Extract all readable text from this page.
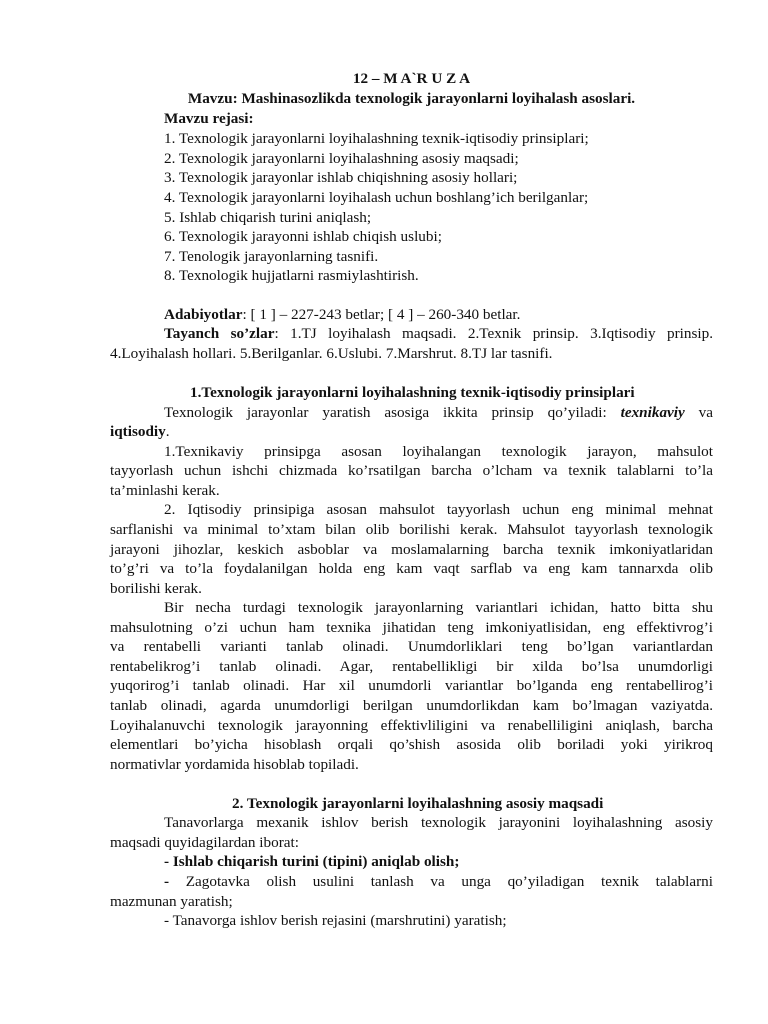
12 – M A`R U Z A
Mavzu: Mashinasozlikda texnologik jarayonlarni loyihalash asoslari.
Mavzu rejasi:
1. Texnologik jarayonlarni loyihalashning texnik-iqtisodiy prinsiplari;
2. Texnologik jarayonlarni loyihalashning asosiy maqsadi;
3. Texnologik jarayonlar ishlab chiqishning asosiy hollari;
4. Texnologik jarayonlarni loyihalash uchun boshlang’ich berilganlar;
5. Ishlab chiqarish turini aniqlash;
6. Texnologik jarayonni ishlab chiqish uslubi;
7. Tenologik jarayonlarning tasnifi.
8. Texnologik hujjatlarni rasmiylashtirish.
Adabiyotlar: [ 1 ] – 227-243 betlar; [ 4 ] – 260-340 betlar.
Tayanch so’zlar: 1.TJ loyihalash maqsadi. 2.Texnik prinsip. 3.Iqtisodiy prinsip.
4.Loyihalash hollari. 5.Berilganlar. 6.Uslubi. 7.Marshrut. 8.TJ lar tasnifi.
1.Texnologik jarayonlarni loyihalashning texnik-iqtisodiy prinsiplari
Texnologik jarayonlar yaratish asosiga ikkita prinsip qo’yiladi: texnikaviy va
iqtisodiy.
1.Texnikaviy prinsipga asosan loyihalangan texnologik jarayon, mahsulot
tayyorlash uchun ishchi chizmada ko’rsatilgan barcha o’lcham va texnik talablarni to’la
ta’minlashi kerak.
2. Iqtisodiy prinsipiga asosan mahsulot tayyorlash uchun eng minimal mehnat
sarflanishi va minimal to’xtam bilan olib borilishi kerak. Mahsulot tayyorlash texnologik
jarayoni jihozlar, keskich asboblar va moslamalarning barcha texnik imkoniyatlaridan
to’g’ri va to’la foydalanilgan holda eng kam vaqt sarflab va eng kam tannarxda olib
borilishi kerak.
Bir necha turdagi texnologik jarayonlarning variantlari ichidan, hatto bitta shu
mahsulotning o’zi uchun ham texnika jihatidan teng imkoniyatlisidan, eng effektivrog’i
va rentabelli varianti tanlab olinadi. Unumdorliklari teng bo’lgan variantlardan
rentabelikrog’i tanlab olinadi. Agar, rentabellikligi bir xilda bo’lsa unumdorligi
yuqorirog’i tanlab olinadi. Har xil unumdorli variantlar bo’lganda eng rentabellirog’i
tanlab olinadi, agarda unumdorligi berilgan unumdorlikdan kam bo’lmagan vaziyatda.
Loyihalanuvchi texnologik jarayonning effektivliligini va renabelliligini aniqlash, barcha
elementlari bo’yicha hisoblash orqali qo’shish asosida olib boriladi yoki yirikroq
normativlar yordamida hisoblab topiladi.
2. Texnologik jarayonlarni loyihalashning asosiy maqsadi
Tanavorlarga mexanik ishlov berish texnologik jarayonini loyihalashning asosiy
maqsadi quyidagilardan iborat:
- Ishlab chiqarish turini (tipini) aniqlab olish;
- Zagotavka olish usulini tanlash va unga qo’yiladigan texnik talablarni
mazmunan yaratish;
- Tanavorga ishlov berish rejasini (marshrutini) yaratish;
